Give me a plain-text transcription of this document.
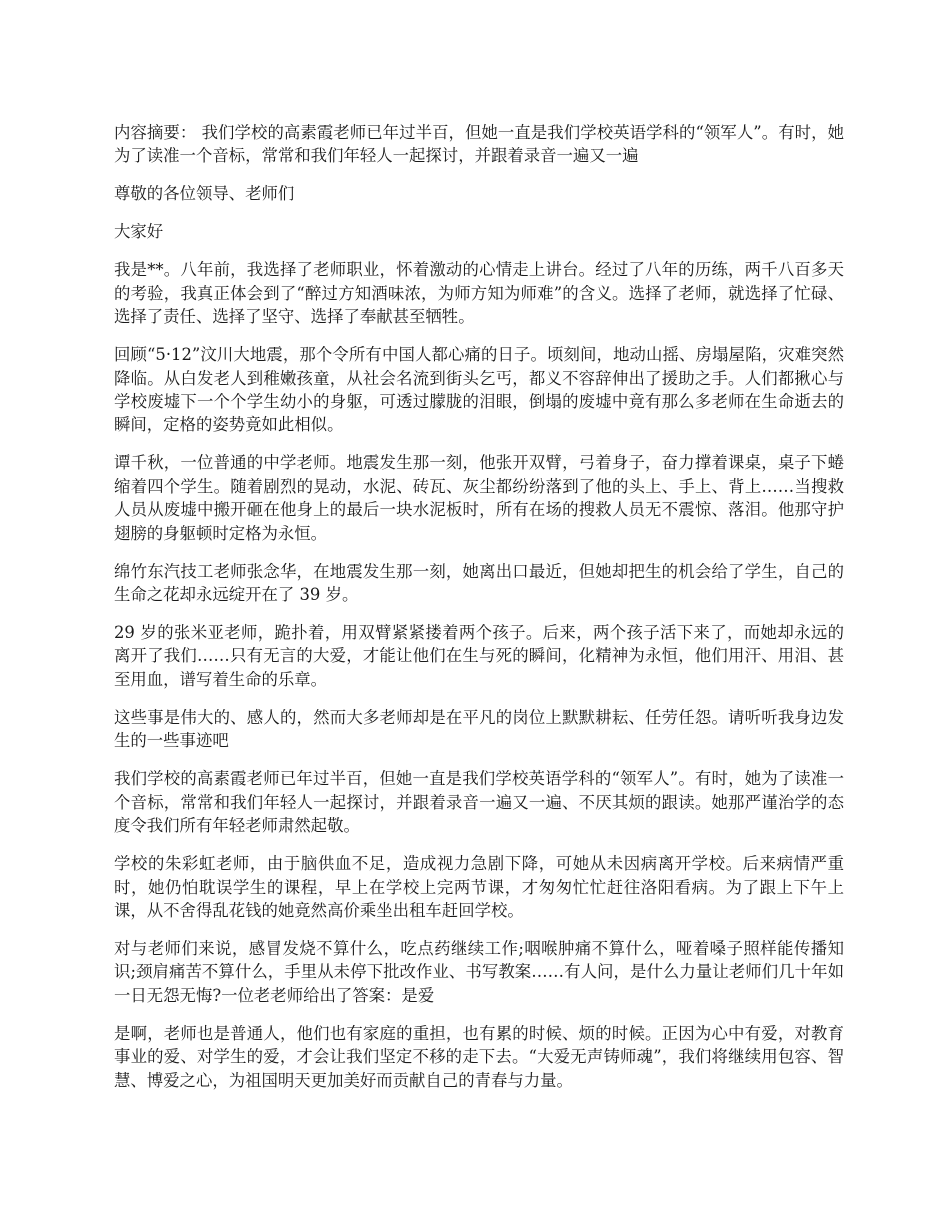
内容摘要： 我们学校的高素霞老师已年过半百，但她一直是我们学校英语学科的“领军人”。有时，她为了读准一个音标，常常和我们年轻人一起探讨，并跟着录音一遍又一遍

尊敬的各位领导、老师们

大家好

我是**。八年前，我选择了老师职业，怀着激动的心情走上讲台。经过了八年的历练，两千八百多天的考验，我真正体会到了“醉过方知酒味浓，为师方知为师难”的含义。选择了老师，就选择了忙碌、选择了责任、选择了坚守、选择了奉献甚至牺牲。

回顾“5·12”汶川大地震，那个令所有中国人都心痛的日子。顷刻间，地动山摇、房塌屋陷，灾难突然降临。从白发老人到稚嫩孩童，从社会名流到街头乞丐，都义不容辞伸出了援助之手。人们都揪心与学校废墟下一个个学生幼小的身躯，可透过朦胧的泪眼，倒塌的废墟中竟有那么多老师在生命逝去的瞬间，定格的姿势竟如此相似。

谭千秋，一位普通的中学老师。地震发生那一刻，他张开双臂，弓着身子，奋力撑着课桌，桌子下蜷缩着四个学生。随着剧烈的晃动，水泥、砖瓦、灰尘都纷纷落到了他的头上、手上、背上……当搜救人员从废墟中搬开砸在他身上的最后一块水泥板时，所有在场的搜救人员无不震惊、落泪。他那守护翅膀的身躯顿时定格为永恒。

绵竹东汽技工老师张念华，在地震发生那一刻，她离出口最近，但她却把生的机会给了学生，自己的生命之花却永远绽开在了 39 岁。

29 岁的张米亚老师，跪扑着，用双臂紧紧搂着两个孩子。后来，两个孩子活下来了，而她却永远的离开了我们……只有无言的大爱，才能让他们在生与死的瞬间，化精神为永恒，他们用汗、用泪、甚至用血，谱写着生命的乐章。

这些事是伟大的、感人的，然而大多老师却是在平凡的岗位上默默耕耘、任劳任怨。请听听我身边发生的一些事迹吧

我们学校的高素霞老师已年过半百，但她一直是我们学校英语学科的“领军人”。有时，她为了读准一个音标，常常和我们年轻人一起探讨，并跟着录音一遍又一遍、不厌其烦的跟读。她那严谨治学的态度令我们所有年轻老师肃然起敬。

学校的朱彩虹老师，由于脑供血不足，造成视力急剧下降，可她从未因病离开学校。后来病情严重时，她仍怕耽误学生的课程，早上在学校上完两节课，才匆匆忙忙赶往洛阳看病。为了跟上下午上课，从不舍得乱花钱的她竟然高价乘坐出租车赶回学校。

对与老师们来说，感冒发烧不算什么，吃点药继续工作;咽喉肿痛不算什么，哑着嗓子照样能传播知识;颈肩痛苦不算什么，手里从未停下批改作业、书写教案……有人问，是什么力量让老师们几十年如一日无怨无悔?一位老老师给出了答案：是爱

是啊，老师也是普通人，他们也有家庭的重担，也有累的时候、烦的时候。正因为心中有爱，对教育事业的爱、对学生的爱，才会让我们坚定不移的走下去。“大爱无声铸师魂”，我们将继续用包容、智慧、博爱之心，为祖国明天更加美好而贡献自己的青春与力量。
